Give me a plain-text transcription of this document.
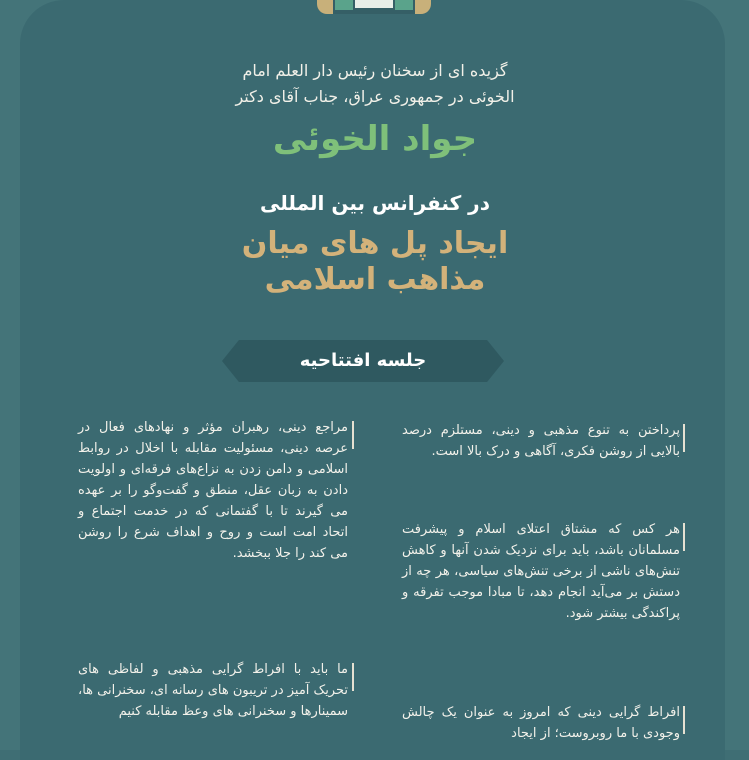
گزیده ای از سخنان رئیس دار العلم امام
الخوئی در جمهوری عراق، جناب آقای دکتر
جواد الخوئی
در کنفرانس بین المللی
ایجاد پل های میان
مذاهب اسلامی
جلسه افتتاحیه
پرداختن به تنوع مذهبی و دینی، مستلزم درصد بالایی از روشن فکری، آگاهی و درک بالا است.
هر کس که مشتاق اعتلای اسلام و پیشرفت مسلمانان باشد، باید برای نزدیک شدن آنها و کاهش تنش‌های ناشی از برخی تنش‌های سیاسی، هر چه از دستش بر می‌آید انجام دهد، تا مبادا موجب تفرقه و پراکندگی بیشتر شود.
افراط گرایی دینی که امروز به عنوان یک چالش وجودی با ما روبروست؛ از ایجاد
مراجع دینی، رهبران مؤثر و نهادهای فعال در عرصه دینی، مسئولیت مقابله با اخلال در روابط اسلامی و دامن زدن به نزاع‌های فرقه‌ای و اولویت دادن به زبان عقل، منطق و گفت‌وگو را بر عهده می گیرند تا با گفتمانی که در خدمت اجتماع و اتحاد امت است و روح و اهداف شرع را روشن می کند را جلا ببخشد.
ما باید با افراط گرایی مذهبی و لفاظی های تحریک آمیز در تریبون های رسانه ای، سخنرانی ها، سمینارها و سخنرانی های وعظ مقابله کنیم
